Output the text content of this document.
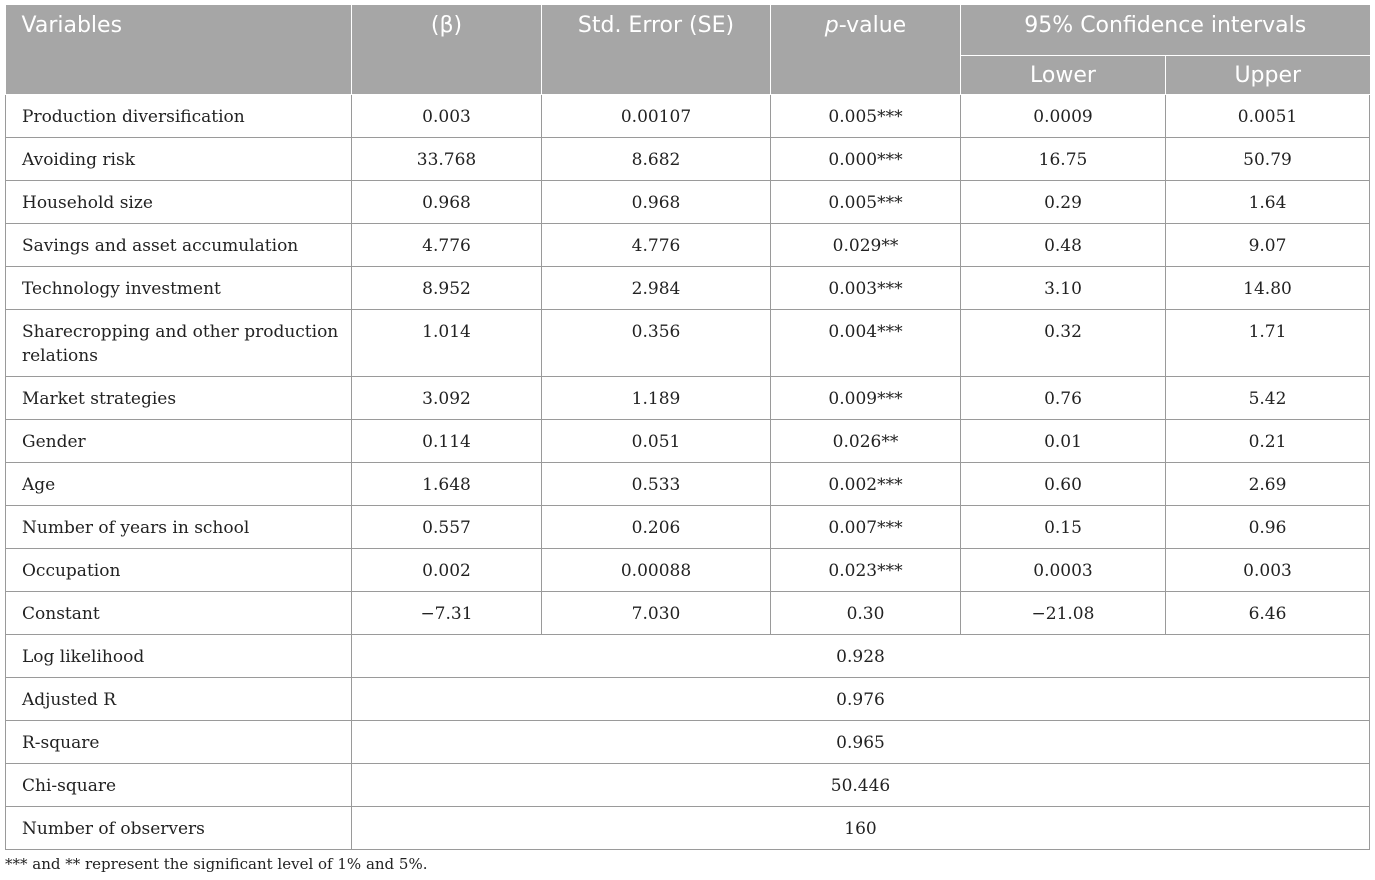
Variables	(β)	Std. Error (SE)	p-value	95% Confidence intervals	
				Lower	Upper
Production diversification	0.003	0.00107	0.005***	0.0009	0.0051
Avoiding risk	33.768	8.682	0.000***	16.75	50.79
Household size	0.968	0.968	0.005***	0.29	1.64
Savings and asset accumulation	4.776	4.776	0.029**	0.48	9.07
Technology investment	8.952	2.984	0.003***	3.10	14.80
Sharecropping and other production relations	1.014	0.356	0.004***	0.32	1.71
Market strategies	3.092	1.189	0.009***	0.76	5.42
Gender	0.114	0.051	0.026**	0.01	0.21
Age	1.648	0.533	0.002***	0.60	2.69
Number of years in school	0.557	0.206	0.007***	0.15	0.96
Occupation	0.002	0.00088	0.023***	0.0003	0.003
Constant	−7.31	7.030	0.30	−21.08	6.46
Log likelihood	0.928				
Adjusted R	0.976				
R-square	0.965				
Chi-square	50.446				
Number of observers	160				
*** and ** represent the significant level of 1% and 5%.
